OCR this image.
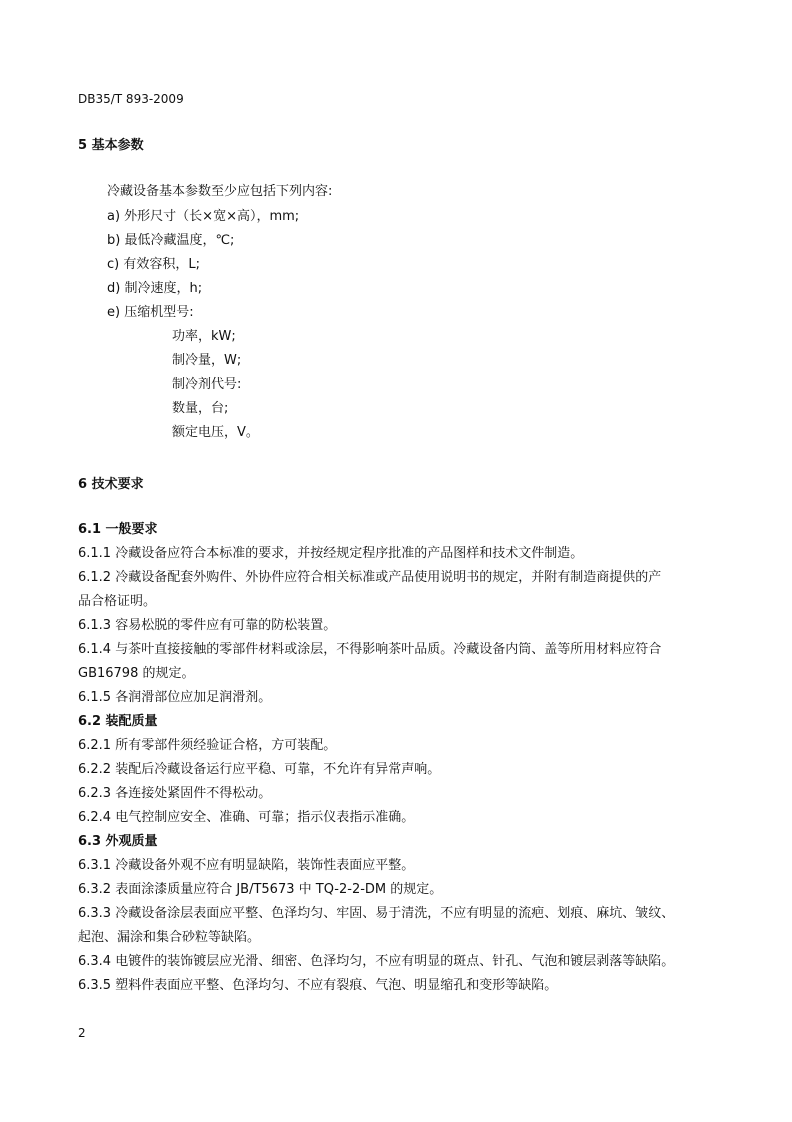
DB35/T 893-2009
5 基本参数
冷藏设备基本参数至少应包括下列内容:
a) 外形尺寸（长×宽×高），mm;
b) 最低冷藏温度，℃;
c) 有效容积，L;
d) 制冷速度，h;
e) 压缩机型号:
功率，kW;
制冷量，W;
制冷剂代号:
数量，台;
额定电压，V。
6 技术要求
6.1 一般要求
6.1.1 冷藏设备应符合本标准的要求，并按经规定程序批准的产品图样和技术文件制造。
6.1.2 冷藏设备配套外购件、外协件应符合相关标准或产品使用说明书的规定，并附有制造商提供的产
品合格证明。
6.1.3 容易松脱的零件应有可靠的防松装置。
6.1.4 与茶叶直接接触的零部件材料或涂层，不得影响茶叶品质。冷藏设备内筒、盖等所用材料应符合
GB16798 的规定。
6.1.5 各润滑部位应加足润滑剂。
6.2 装配质量
6.2.1 所有零部件须经验证合格，方可装配。
6.2.2 装配后冷藏设备运行应平稳、可靠，不允许有异常声响。
6.2.3 各连接处紧固件不得松动。
6.2.4 电气控制应安全、准确、可靠；指示仪表指示准确。
6.3 外观质量
6.3.1 冷藏设备外观不应有明显缺陷，装饰性表面应平整。
6.3.2 表面涂漆质量应符合 JB/T5673 中 TQ-2-2-DM 的规定。
6.3.3 冷藏设备涂层表面应平整、色泽均匀、牢固、易于清洗，不应有明显的流疤、划痕、麻坑、皱纹、
起泡、漏涂和集合砂粒等缺陷。
6.3.4 电镀件的装饰镀层应光滑、细密、色泽均匀，不应有明显的斑点、针孔、气泡和镀层剥落等缺陷。
6.3.5 塑料件表面应平整、色泽均匀、不应有裂痕、气泡、明显缩孔和变形等缺陷。
2
